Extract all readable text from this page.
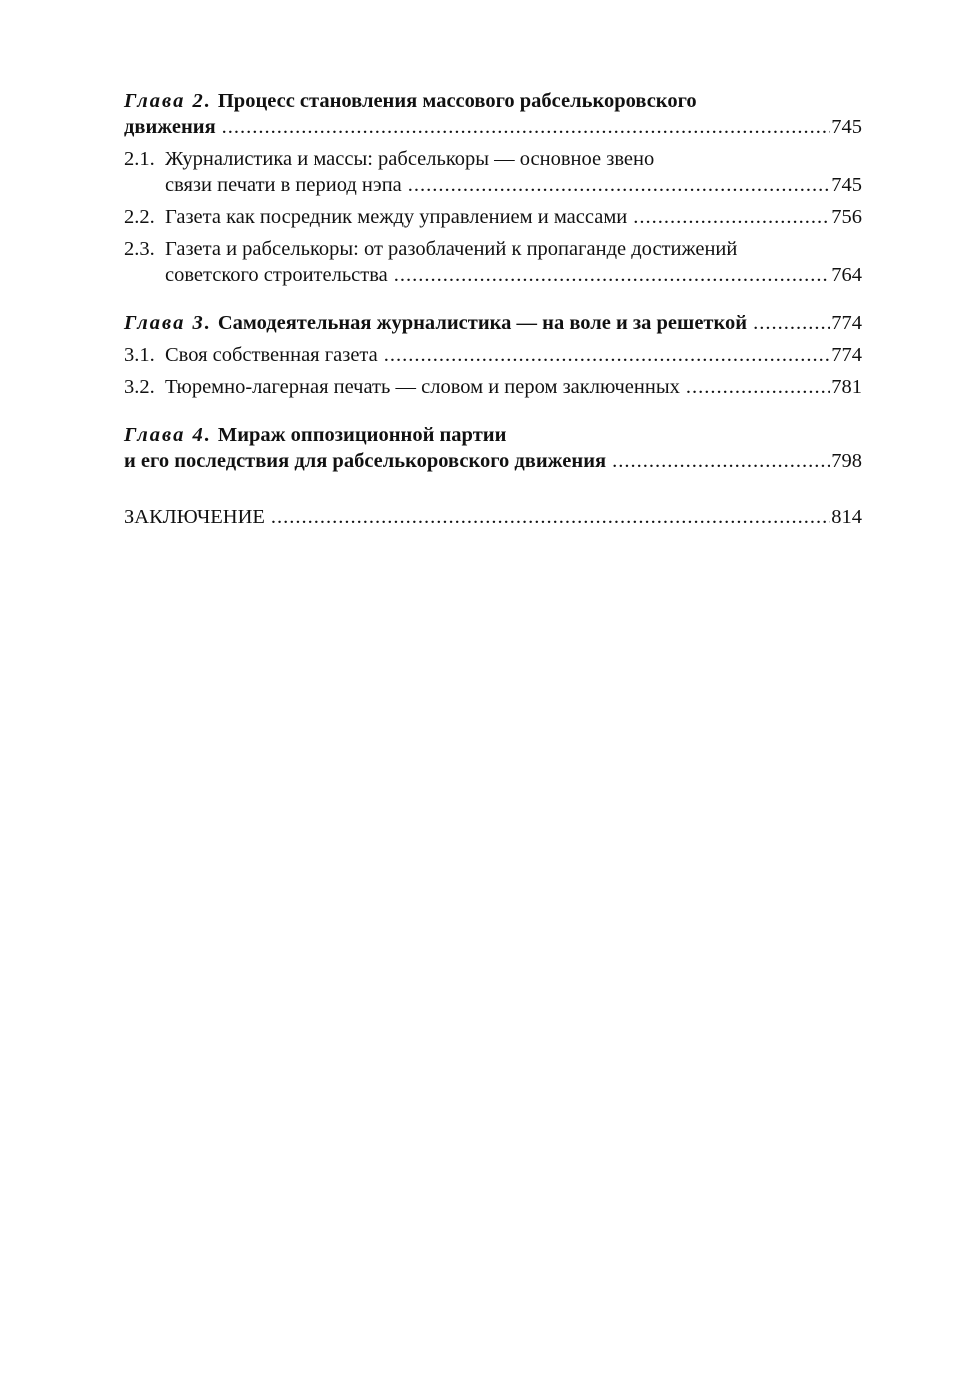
Глава 2. Процесс становления массового рабселькоровского
движения .....	745
2.1. Журналистика и массы: рабселькоры — основное звено
связи печати в период нэпа .....	745
2.2. Газета как посредник между управлением и массами .....	756
2.3. Газета и рабселькоры: от разоблачений к пропаганде достижений
советского строительства .....	764
Глава 3. Самодеятельная журналистика — на воле и за решеткой .....	774
3.1. Своя собственная газета .....	774
3.2. Тюремно-лагерная печать — словом и пером заключенных .....	781
Глава 4. Мираж оппозиционной партии
и его последствия для рабселькоровского движения .....	798
ЗАКЛЮЧЕНИЕ .....	814
